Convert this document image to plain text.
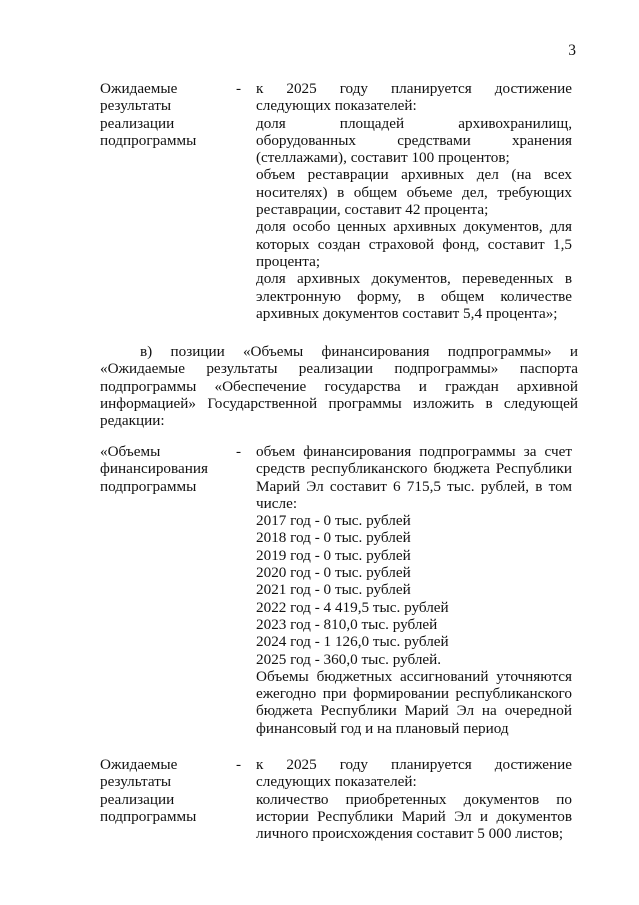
3
Ожидаемые
результаты
реализации
подпрограммы
- к 2025 году планируется достижение следующих показателей:

доля площадей архивохранилищ, оборудованных средствами хранения (стеллажами), составит 100 процентов;

объем реставрации архивных дел (на всех носителях) в общем объеме дел, требующих реставрации, составит 42 процента;

доля особо ценных архивных документов, для которых создан страховой фонд, составит 1,5 процента;

доля архивных документов, переведенных в электронную форму, в общем количестве архивных документов составит 5,4 процента»;

в) позиции «Объемы финансирования подпрограммы» и «Ожидаемые результаты реализации подпрограммы» паспорта подпрограммы «Обеспечение государства и граждан архивной информацией» Государственной программы изложить в следующей редакции:
«Объемы
финансирования
подпрограммы
- объем финансирования подпрограммы за счет средств республиканского бюджета Республики Марий Эл составит 6 715,5 тыс. рублей, в том числе:

2017 год - 0 тыс. рублей

2018 год - 0 тыс. рублей

2019 год - 0 тыс. рублей

2020 год - 0 тыс. рублей

2021 год - 0 тыс. рублей

2022 год - 4 419,5 тыс. рублей

2023 год - 810,0 тыс. рублей

2024 год - 1 126,0 тыс. рублей

2025 год - 360,0 тыс. рублей.

Объемы бюджетных ассигнований уточняются ежегодно при формировании республиканского бюджета Республики Марий Эл на очередной финансовый год и на плановый период

Ожидаемые
результаты
реализации
подпрограммы
- к 2025 году планируется достижение следующих показателей:

количество приобретенных документов по истории Республики Марий Эл и документов личного происхождения составит 5 000 листов;
